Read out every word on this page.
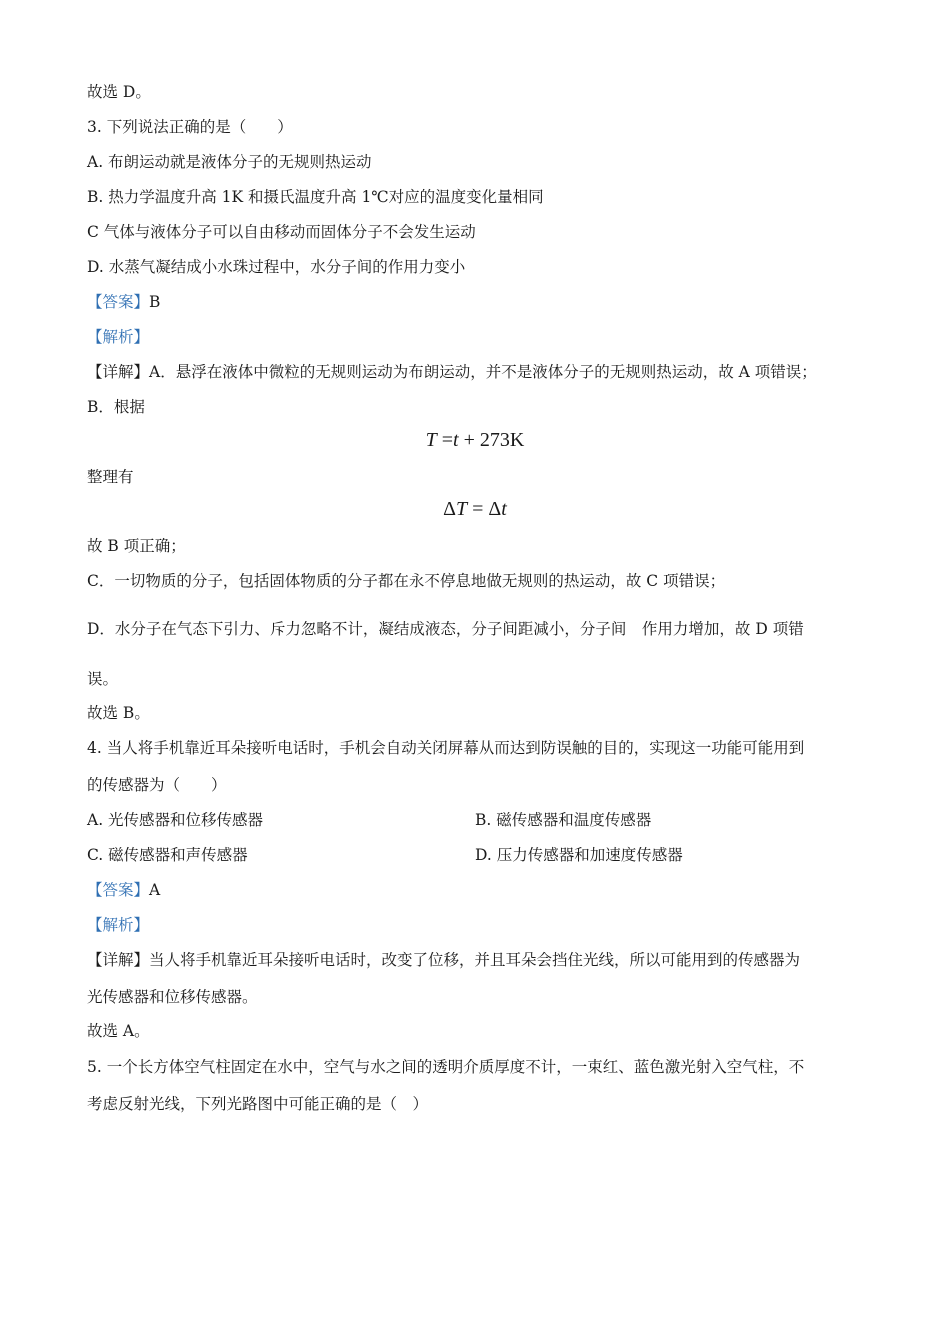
故选 D。
3. 下列说法正确的是（　　）
A. 布朗运动就是液体分子的无规则热运动
B. 热力学温度升高 1K 和摄氏温度升高 1℃对应的温度变化量相同
C 气体与液体分子可以自由移动而固体分子不会发生运动
D. 水蒸气凝结成小水珠过程中，水分子间的作用力变小
【答案】B
【解析】
【详解】A．悬浮在液体中微粒的无规则运动为布朗运动，并不是液体分子的无规则热运动，故 A 项错误；
B．根据
T =t + 273K
整理有
ΔT = Δt
故 B 项正确；
C．一切物质的分子，包括固体物质的分子都在永不停息地做无规则的热运动，故 C 项错误；
D．水分子在气态下引力、斥力忽略不计，凝结成液态，分子间距减小，分子间　作用力增加，故 D 项错
误。
故选 B。
4. 当人将手机靠近耳朵接听电话时，手机会自动关闭屏幕从而达到防误触的目的，实现这一功能可能用到
的传感器为（　　）
A. 光传感器和位移传感器	B. 磁传感器和温度传感器
C. 磁传感器和声传感器	D. 压力传感器和加速度传感器
【答案】A
【解析】
【详解】当人将手机靠近耳朵接听电话时，改变了位移，并且耳朵会挡住光线，所以可能用到的传感器为
光传感器和位移传感器。
故选 A。
5. 一个长方体空气柱固定在水中，空气与水之间的透明介质厚度不计，一束红、蓝色激光射入空气柱，不
考虑反射光线，下列光路图中可能正确的是（　）
